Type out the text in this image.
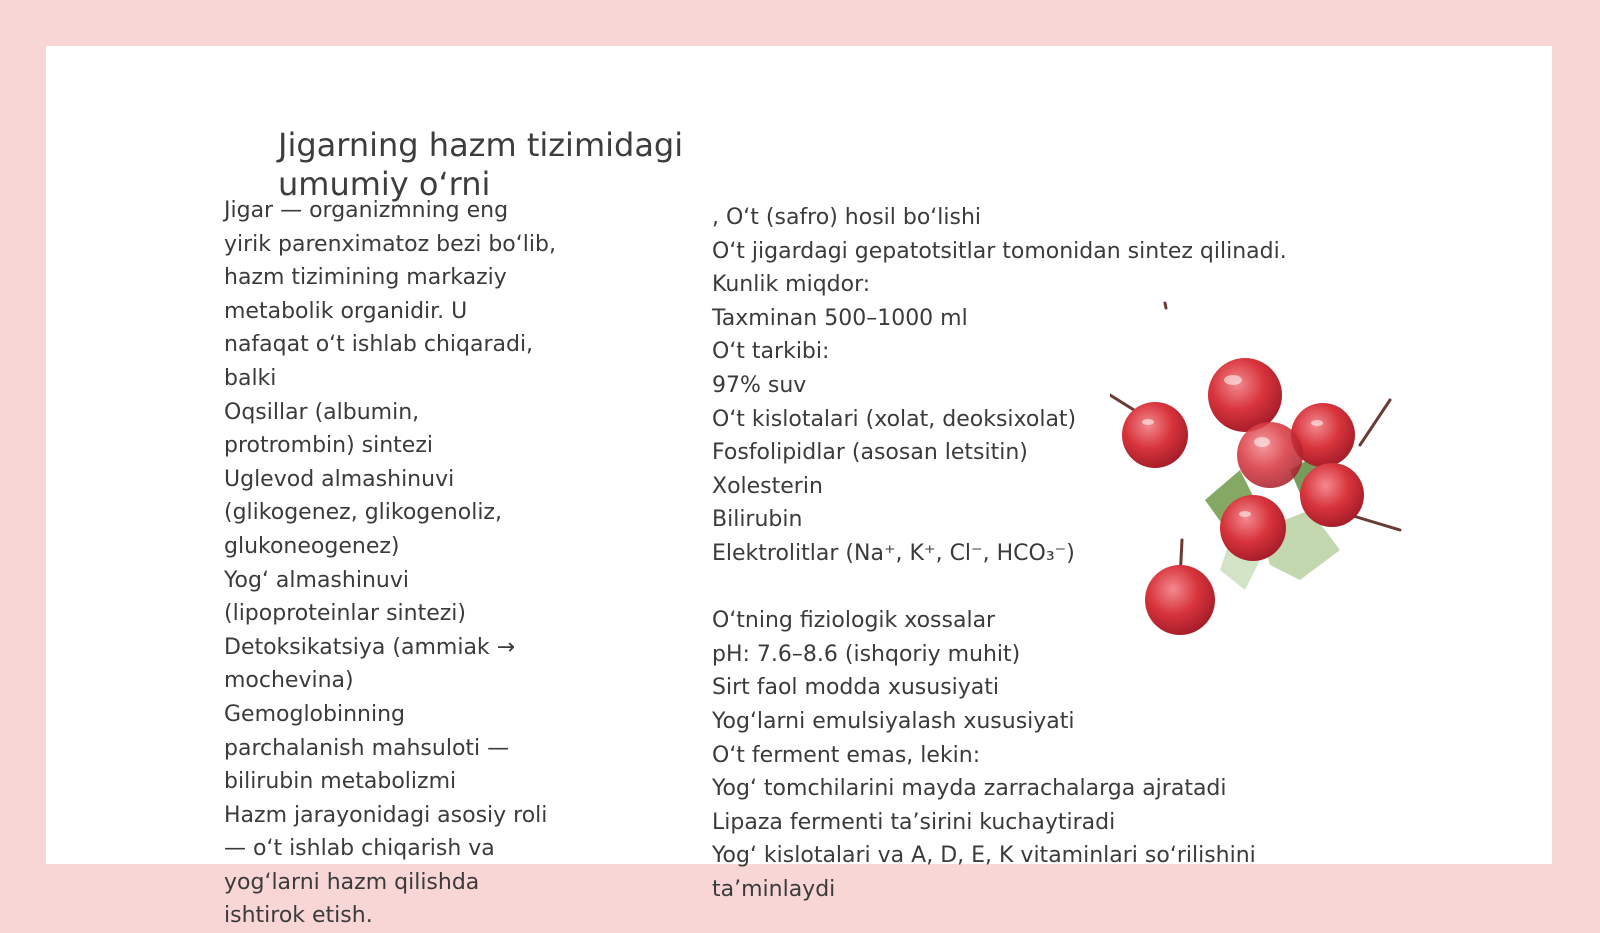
Jigarning hazm tizimidagi umumiy o‘rni
Jigar — organizmning eng
yirik parenximatoz bezi bo‘lib,
hazm tizimining markaziy
metabolik organidir. U
nafaqat o‘t ishlab chiqaradi,
balki
Oqsillar (albumin,
protrombin) sintezi
Uglevod almashinuvi
(glikogenez, glikogenoliz,
glukoneogenez)
Yog‘ almashinuvi
(lipoproteinlar sintezi)
Detoksikatsiya (ammiak →
mochevina)
Gemoglobinning
parchalanish mahsuloti —
bilirubin metabolizmi
Hazm jarayonidagi asosiy roli
— o‘t ishlab chiqarish va
yog‘larni hazm qilishda
ishtirok etish.
, O‘t (safro) hosil bo‘lishi
O‘t jigardagi gepatotsitlar tomonidan sintez qilinadi.
Kunlik miqdor:
Taxminan 500–1000 ml
O‘t tarkibi:
97% suv
O‘t kislotalari (xolat, deoksixolat)
Fosfolipidlar (asosan letsitin)
Xolesterin
Bilirubin
Elektrolitlar (Na⁺, K⁺, Cl⁻, HCO₃⁻)
O‘tning fiziologik xossalar
pH: 7.6–8.6 (ishqoriy muhit)
Sirt faol modda xususiyati
Yog‘larni emulsiyalash xususiyati
O‘t ferment emas, lekin:
Yog‘ tomchilarini mayda zarrachalarga ajratadi
Lipaza fermenti ta’sirini kuchaytiradi
Yog‘ kislotalari va A, D, E, K vitaminlari so‘rilishini
ta’minlaydi
